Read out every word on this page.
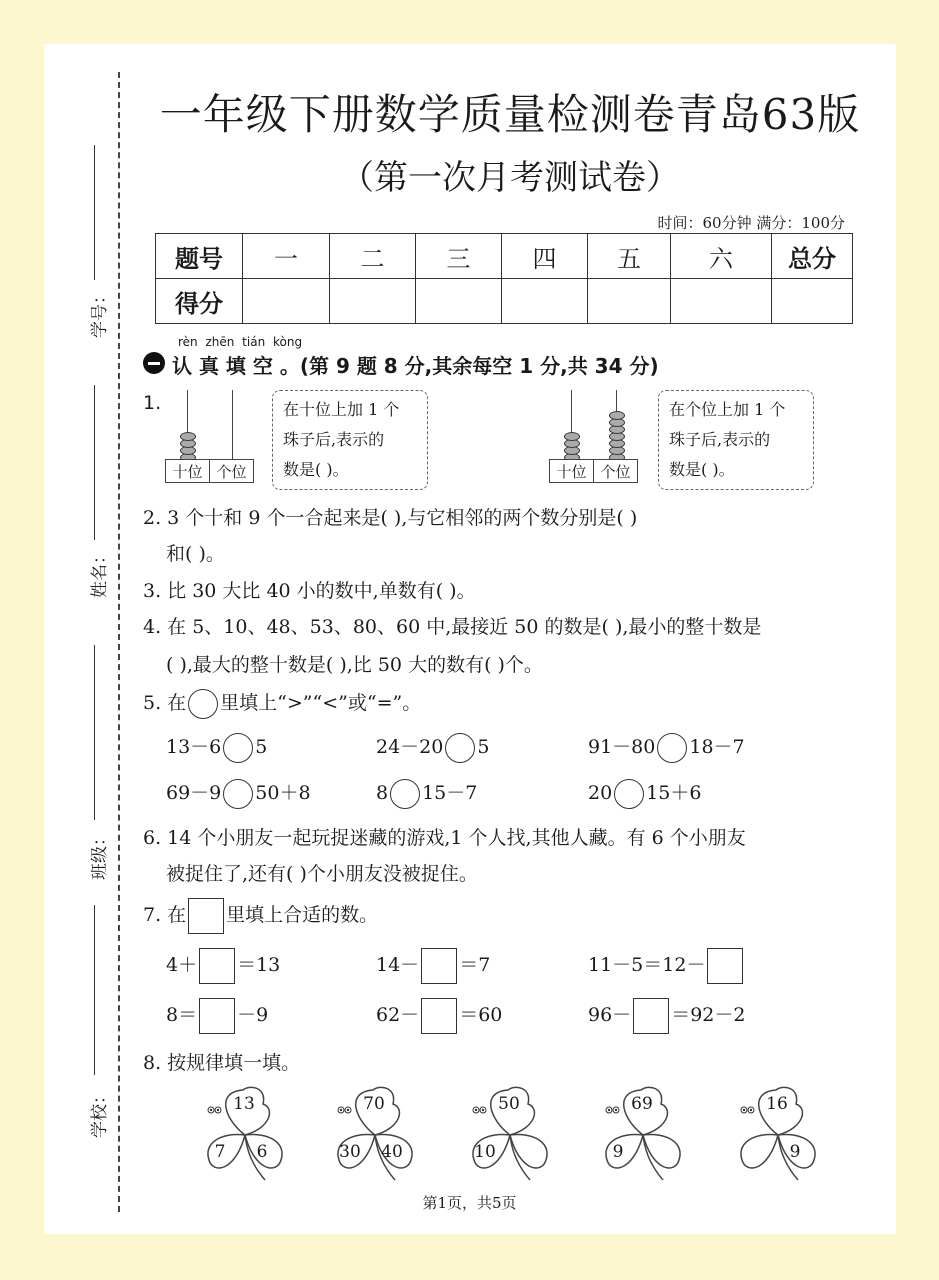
学号：
姓名：
班级：
学校：
一年级下册数学质量检测卷青岛63版
（第一次月考测试卷）
时间：60分钟 满分：100分
题号	一	二	三	四	五	六	总分
得分							
rèn zhēn tián kòng
认 真 填 空 。(第 9 题 8 分,其余每空 1 分,共 34 分)
1.
十位 个位
在十位上加 1 个
珠子后,表示的
数是( )。	十位 个位
在个位上加 1 个
珠子后,表示的
数是( )。
2. 3 个十和 9 个一合起来是( ),与它相邻的两个数分别是( )
和( )。
3. 比 30 大比 40 小的数中,单数有( )。
4. 在 5、10、48、53、80、60 中,最接近 50 的数是( ),最小的整十数是
( ),最大的整十数是( ),比 50 大的数有( )个。
5. 在 里填上“>”“<”或“=”。
13－6 5	24－20 5	91－80 18－7
69－9 50＋8	8 15－7	20 15＋6
6. 14 个小朋友一起玩捉迷藏的游戏,1 个人找,其他人藏。有 6 个小朋友
被捉住了,还有( )个小朋友没被捉住。
7. 在 里填上合适的数。
4＋ ＝13	14－ ＝7	11－5＝12－
8＝ －9	62－ ＝60	96－ ＝92－2
8. 按规律填一填。
13
7	6
70
30	40
50
10
69
9
16
9
第1页，共5页
